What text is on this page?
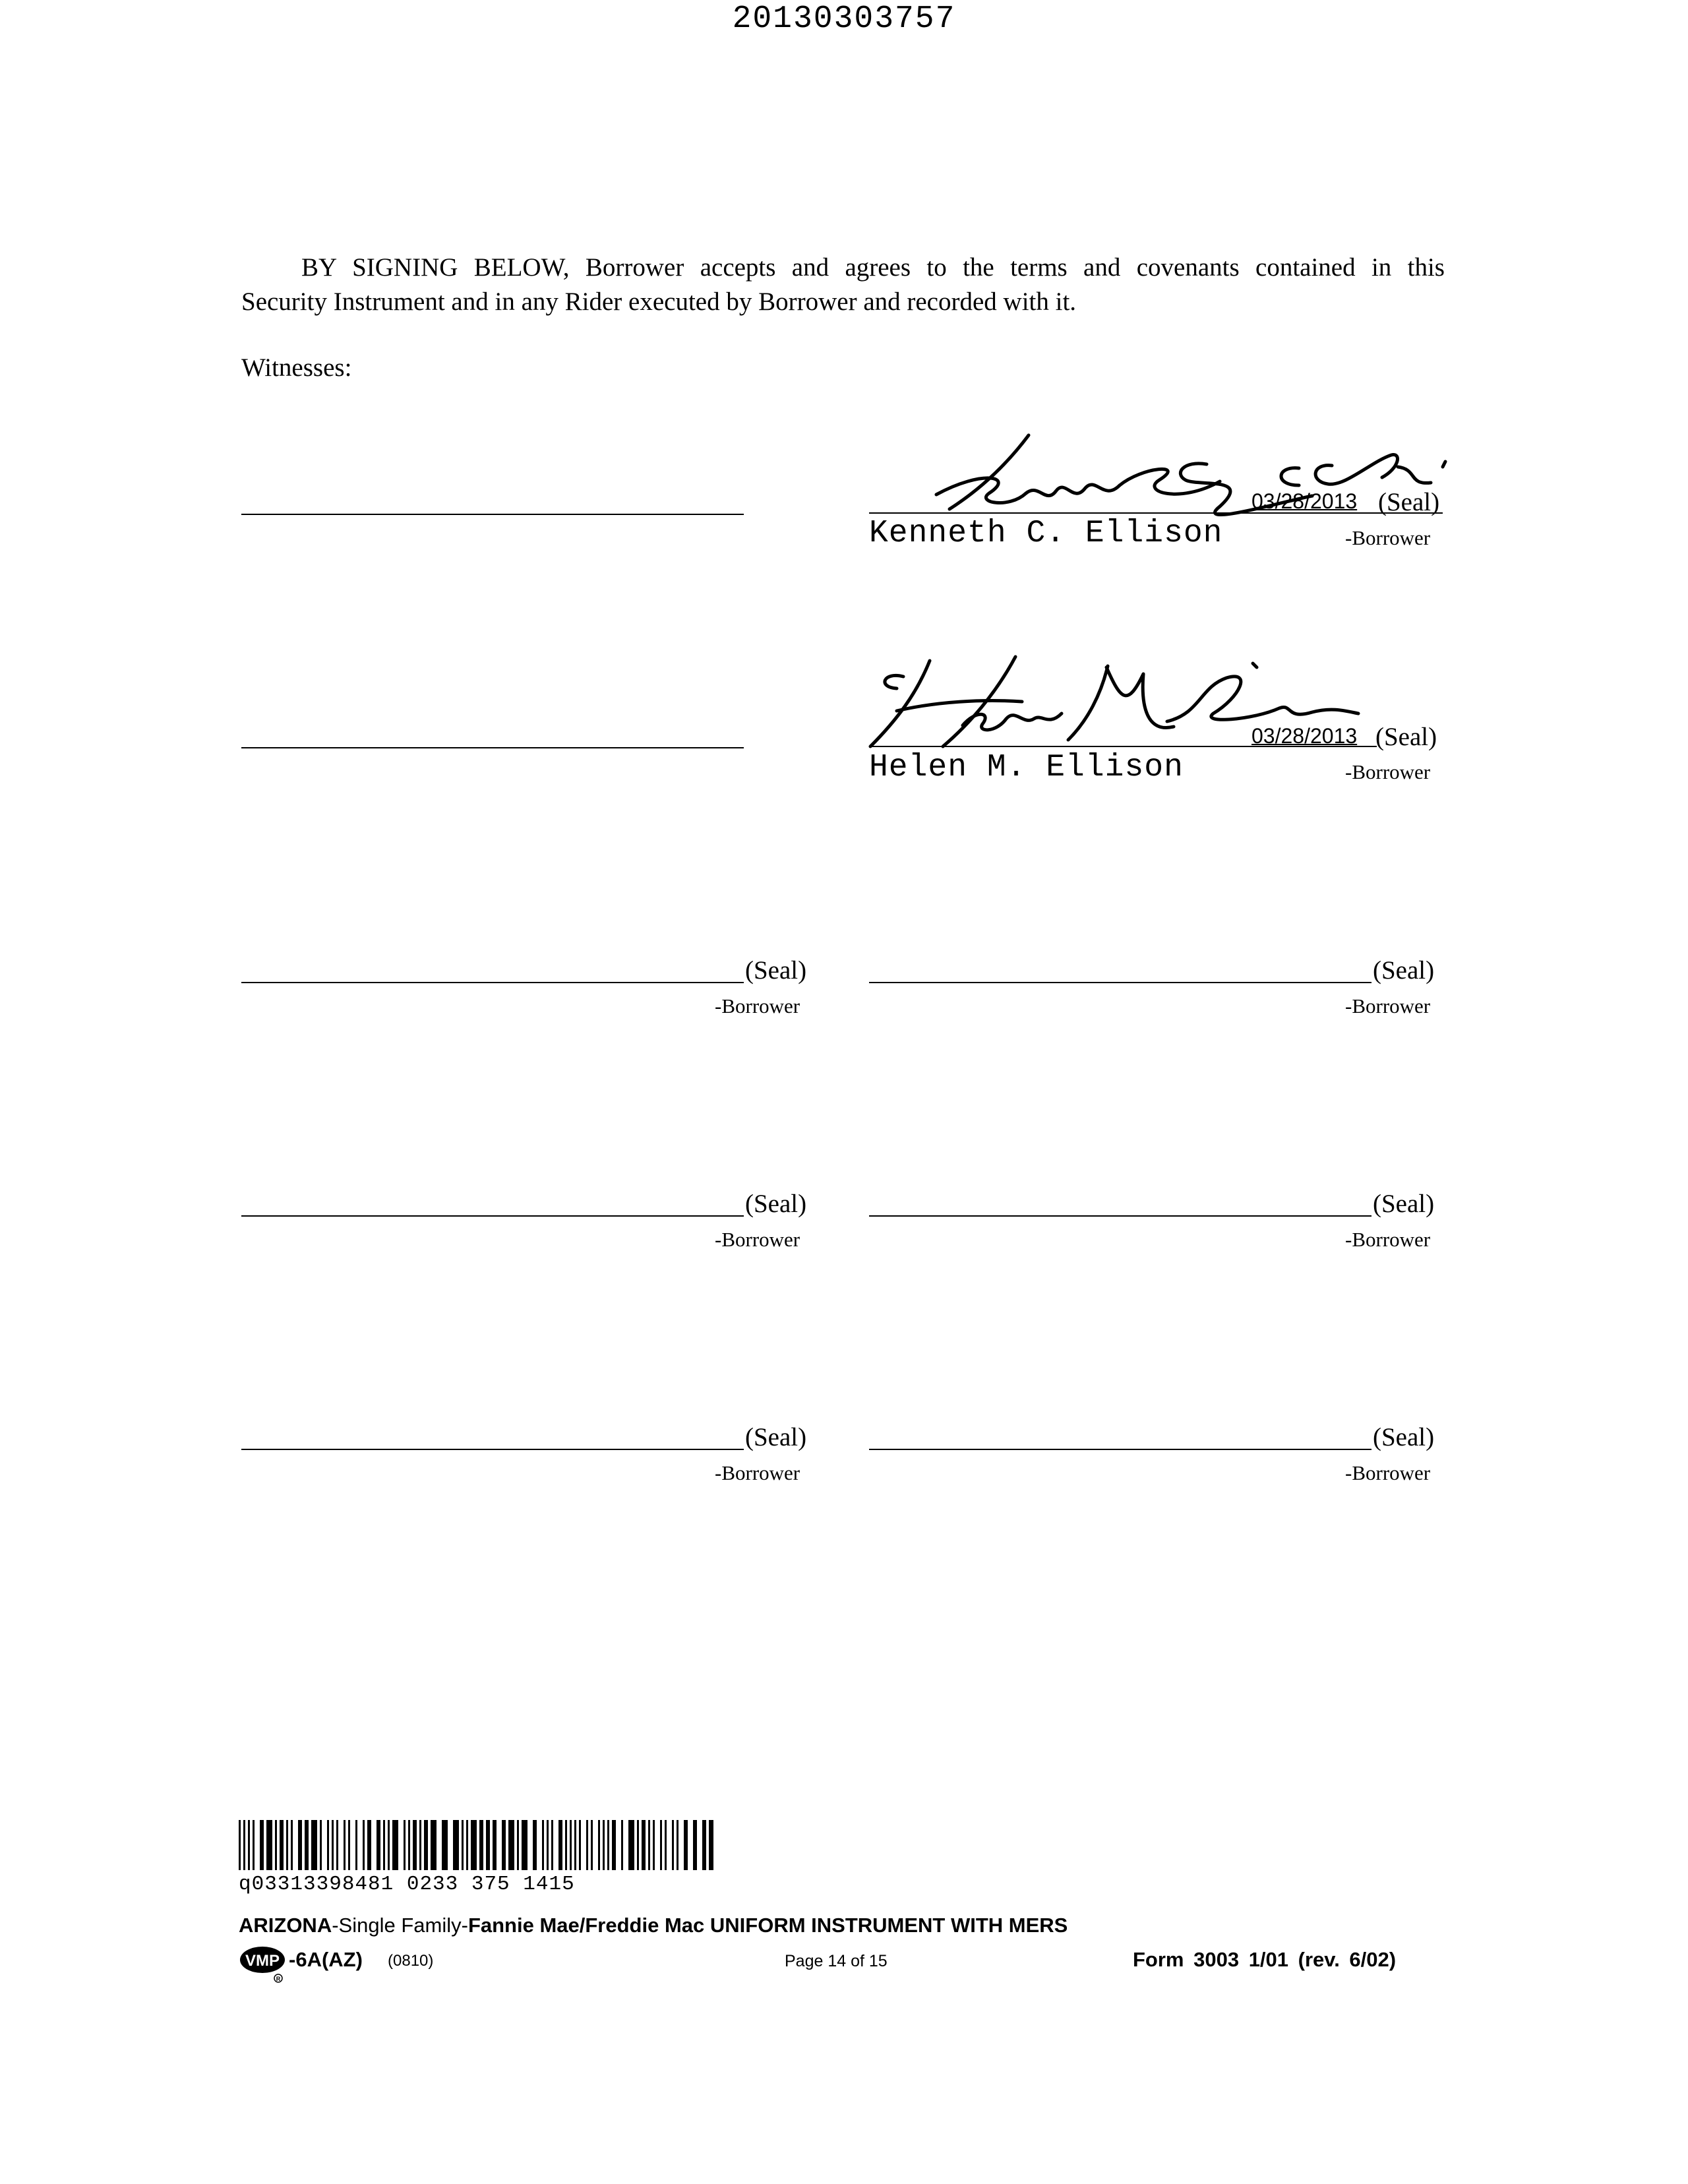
20130303757
BY SIGNING BELOW, Borrower accepts and agrees to the terms and covenants contained in this
Security Instrument and in any Rider executed by Borrower and recorded with it.
Witnesses:
03/28/2013 (Seal)
Kenneth C. Ellison	-Borrower
03/28/2013 (Seal)
Helen M. Ellison	-Borrower
(Seal)
-Borrower
(Seal)
-Borrower
(Seal)
-Borrower
(Seal)
-Borrower
(Seal)
-Borrower
(Seal)
-Borrower
q03313398481 0233 375 1415
ARIZONA-Single Family-Fannie Mae/Freddie Mac UNIFORM INSTRUMENT WITH MERS
VMP
R
-6A(AZ) (0810)	Page 14 of 15	Form 3003 1/01 (rev. 6/02)
